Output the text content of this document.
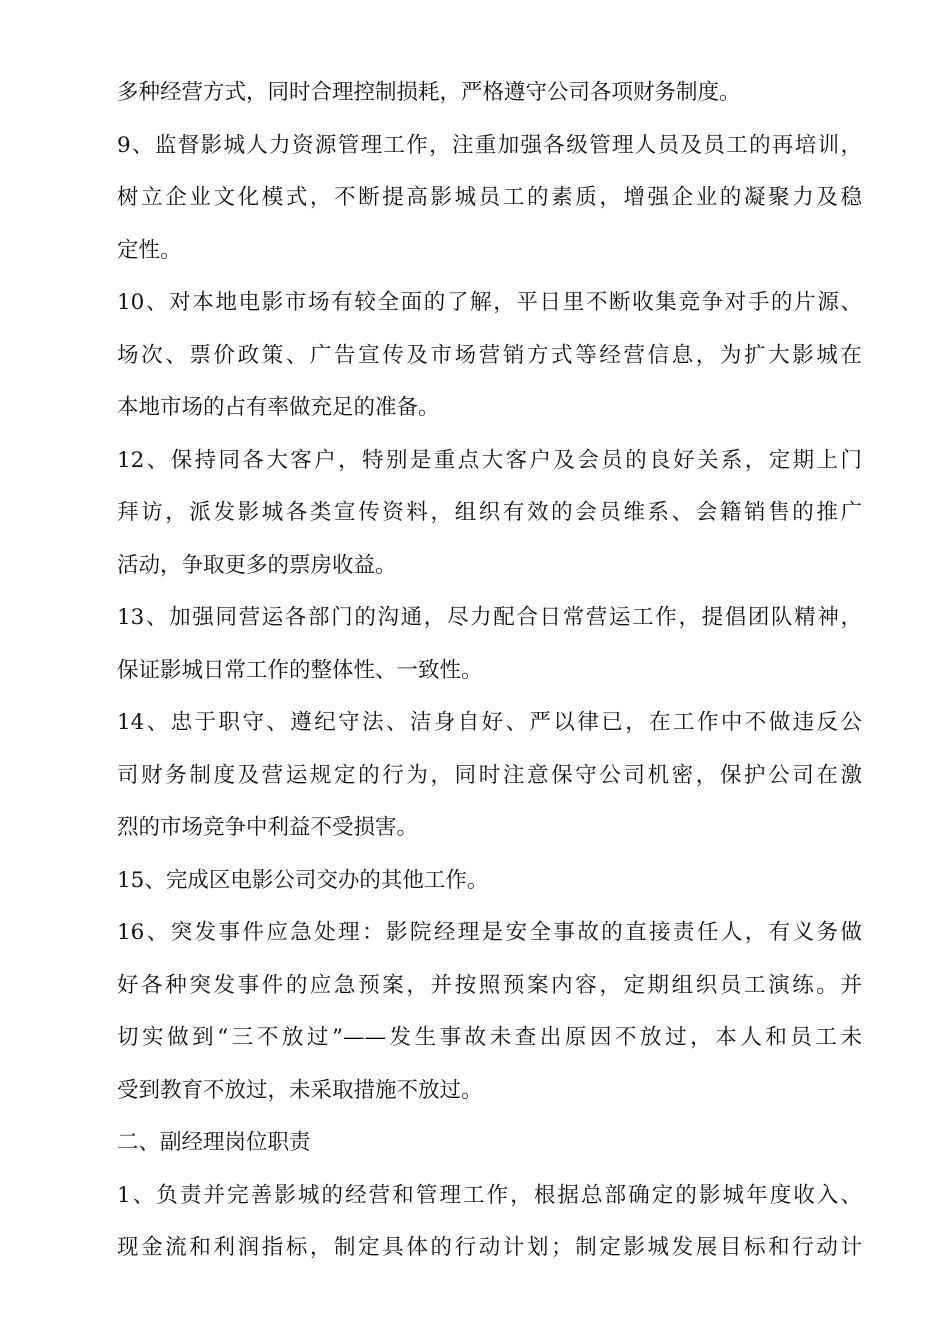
多种经营方式，同时合理控制损耗，严格遵守公司各项财务制度。
9、监督影城人力资源管理工作，注重加强各级管理人员及员工的再培训，
树立企业文化模式，不断提高影城员工的素质，增强企业的凝聚力及稳
定性。
10、对本地电影市场有较全面的了解，平日里不断收集竞争对手的片源、
场次、票价政策、广告宣传及市场营销方式等经营信息，为扩大影城在
本地市场的占有率做充足的准备。
12、保持同各大客户，特别是重点大客户及会员的良好关系，定期上门
拜访，派发影城各类宣传资料，组织有效的会员维系、会籍销售的推广
活动，争取更多的票房收益。
13、加强同营运各部门的沟通，尽力配合日常营运工作，提倡团队精神，
保证影城日常工作的整体性、一致性。
14、忠于职守、遵纪守法、洁身自好、严以律已，在工作中不做违反公
司财务制度及营运规定的行为，同时注意保守公司机密，保护公司在激
烈的市场竞争中利益不受损害。
15、完成区电影公司交办的其他工作。
16、突发事件应急处理：影院经理是安全事故的直接责任人，有义务做
好各种突发事件的应急预案，并按照预案内容，定期组织员工演练。并
切实做到“三不放过”——发生事故未查出原因不放过，本人和员工未
受到教育不放过，未采取措施不放过。
二、副经理岗位职责
1、负责并完善影城的经营和管理工作，根据总部确定的影城年度收入、
现金流和利润指标，制定具体的行动计划；制定影城发展目标和行动计
